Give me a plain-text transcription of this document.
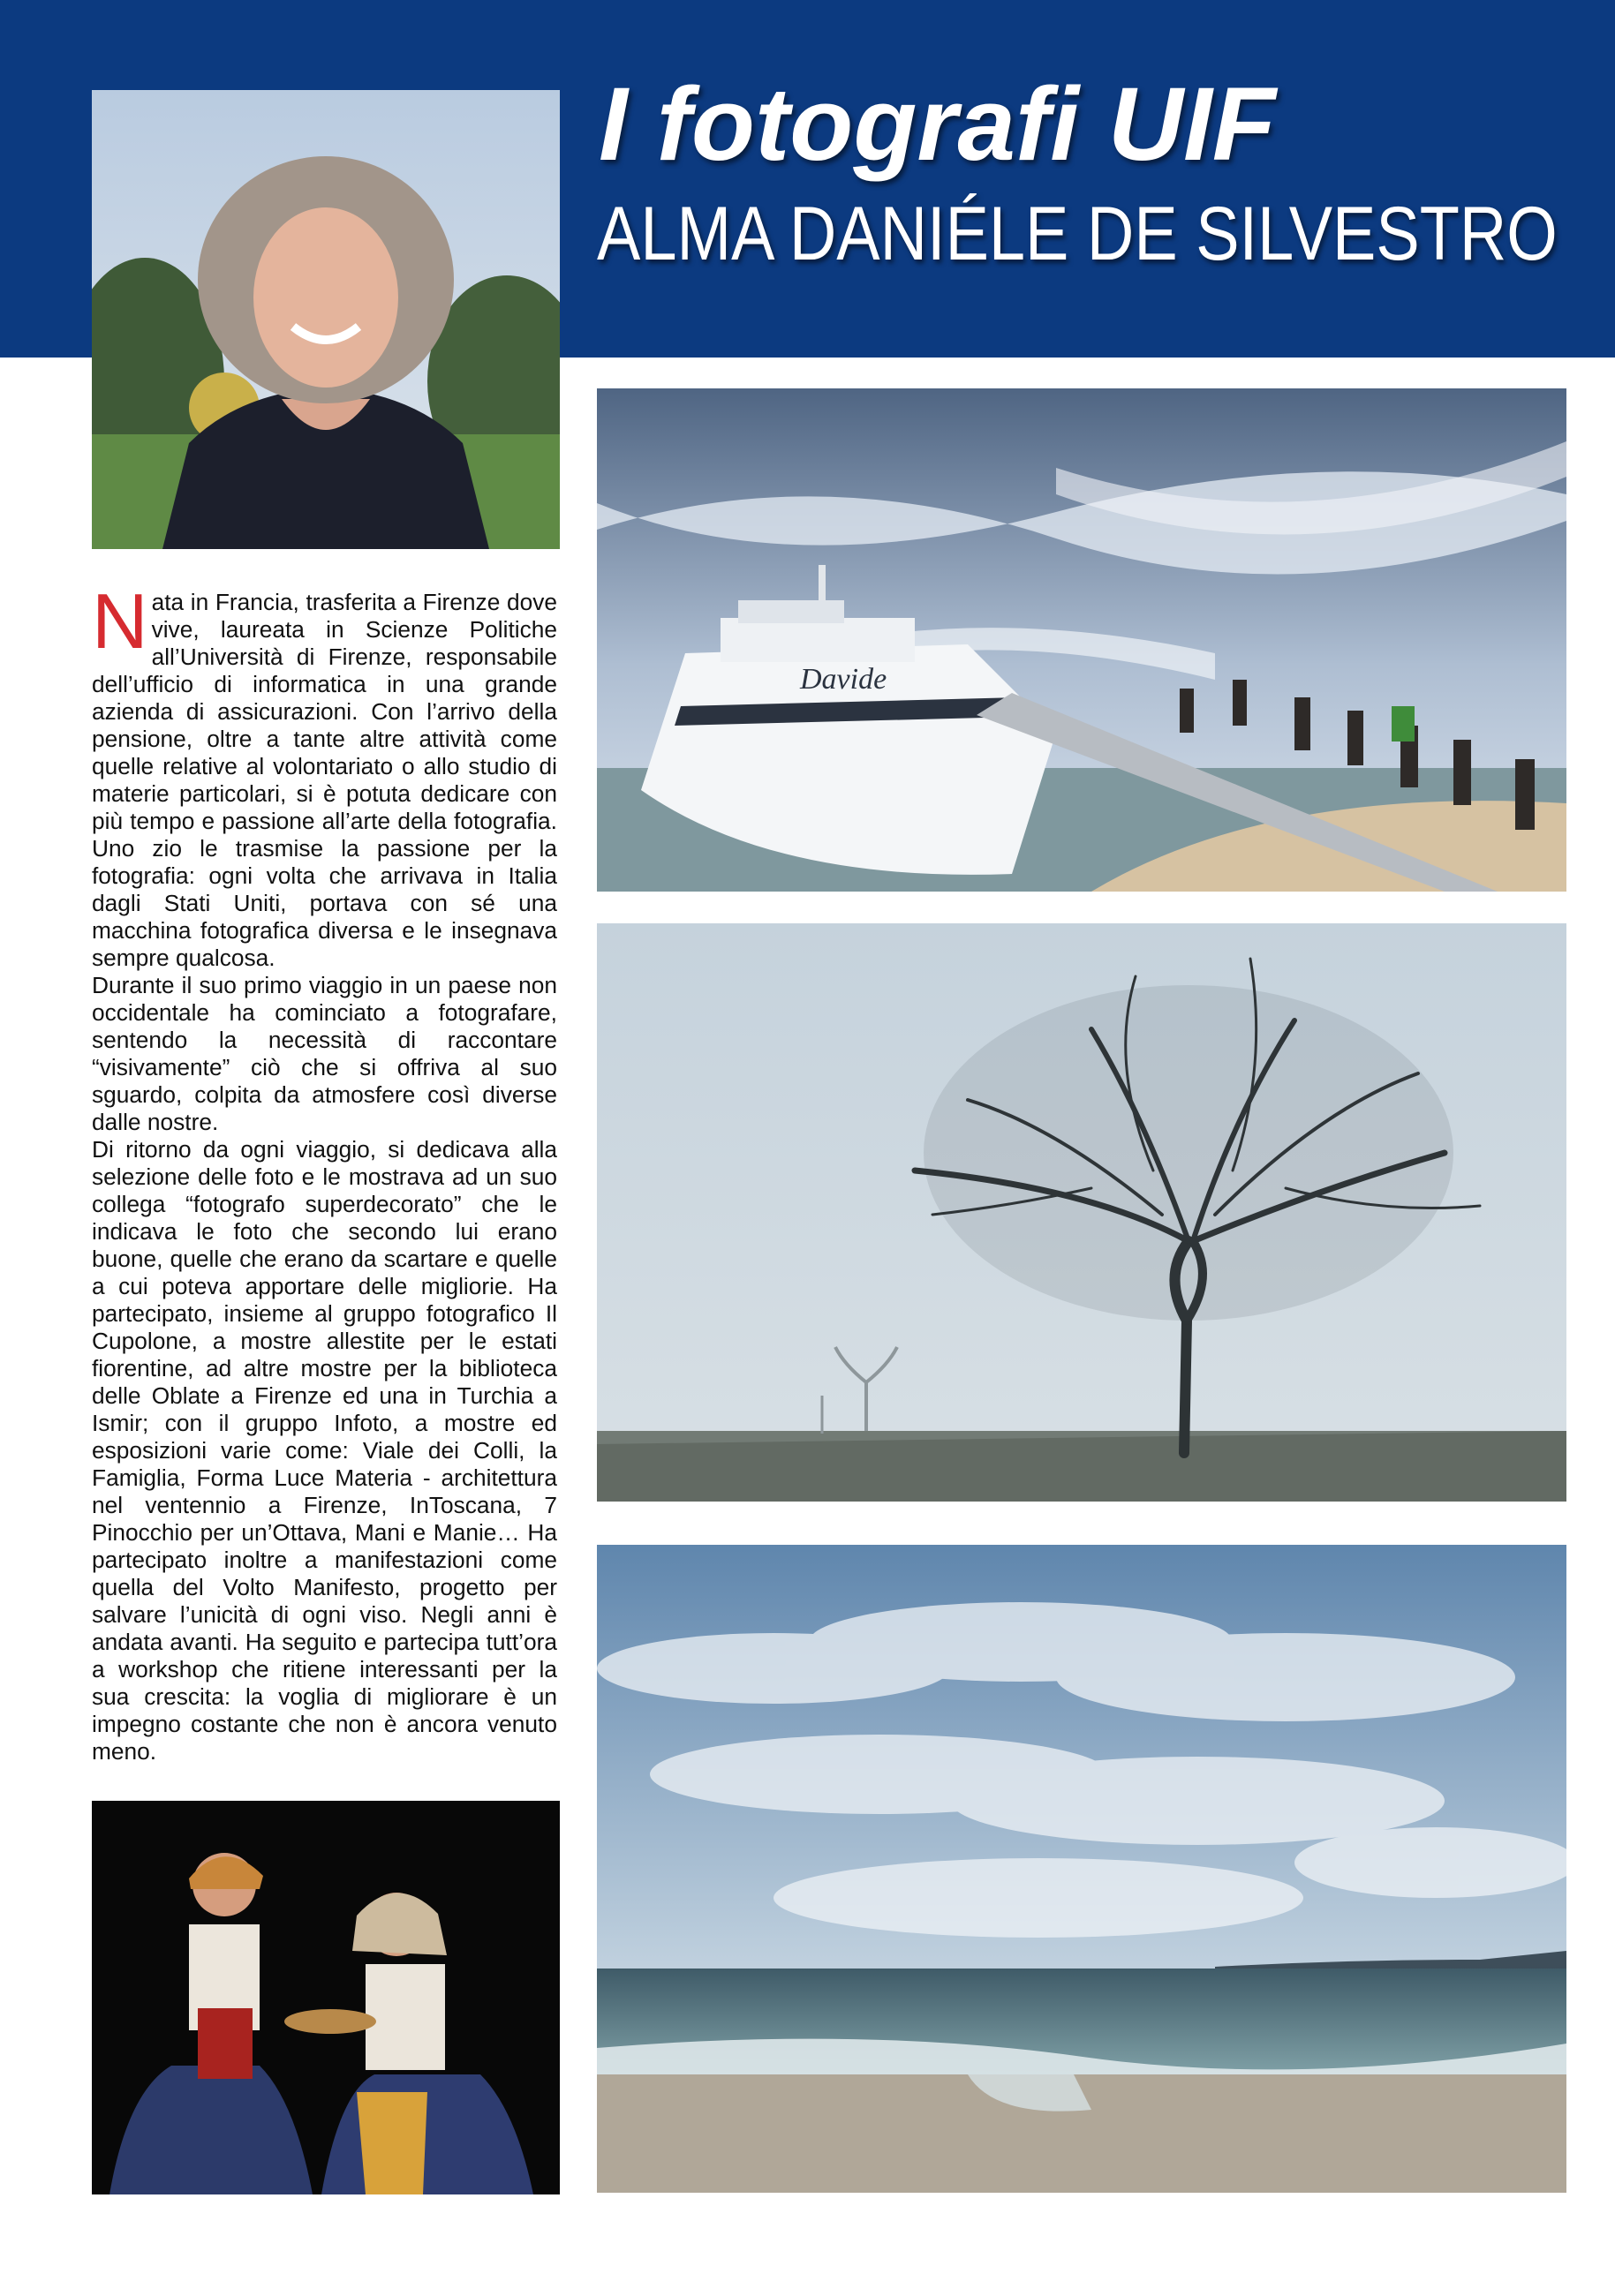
I fotografi UIF
ALMA DANIÉLE DE SILVESTRO
N ata in Francia, trasferita a Firenze dove vive, laureata in Scienze Politiche all’Università di Firenze, responsabile dell’ufficio di informatica in una grande azienda di assicurazioni. Con l’arrivo della pensione, oltre a tante altre attività come quelle relative al volontariato o allo studio di materie particolari, si è potuta dedicare con più tempo e passione all’arte della fotografia. Uno zio le trasmise la passione per la fotografia: ogni volta che arrivava in Italia dagli Stati Uniti, portava con sé una macchina fotografica diversa e le insegnava sempre qualcosa.

Durante il suo primo viaggio in un paese non occidentale ha cominciato a fotografare, sentendo la necessità di raccontare “visivamente” ciò che si offriva al suo sguardo, colpita da atmosfere così diverse dalle nostre.

Di ritorno da ogni viaggio, si dedicava alla selezione delle foto e le mostrava ad un suo collega “fotografo superdecorato” che le indicava le foto che secondo lui erano buone, quelle che erano da scartare e quelle a cui poteva apportare delle migliorie. Ha partecipato, insieme al gruppo fotografico Il Cupolone, a mostre allestite per le estati fiorentine, ad altre mostre per la biblioteca delle Oblate a Firenze ed una in Turchia a Ismir; con il gruppo Infoto, a mostre ed esposizioni varie come: Viale dei Colli, la Famiglia, Forma Luce Materia - architettura nel ventennio a Firenze, InToscana, 7 Pinocchio per un’Ottava, Mani e Manie… Ha partecipato inoltre a manifestazioni come quella del Volto Manifesto, progetto per salvare l’unicità di ogni viso. Negli anni è andata avanti. Ha seguito e partecipa tutt’ora a workshop che ritiene interessanti per la sua crescita: la voglia di migliorare è un impegno costante che non è ancora venuto meno.

Davide
